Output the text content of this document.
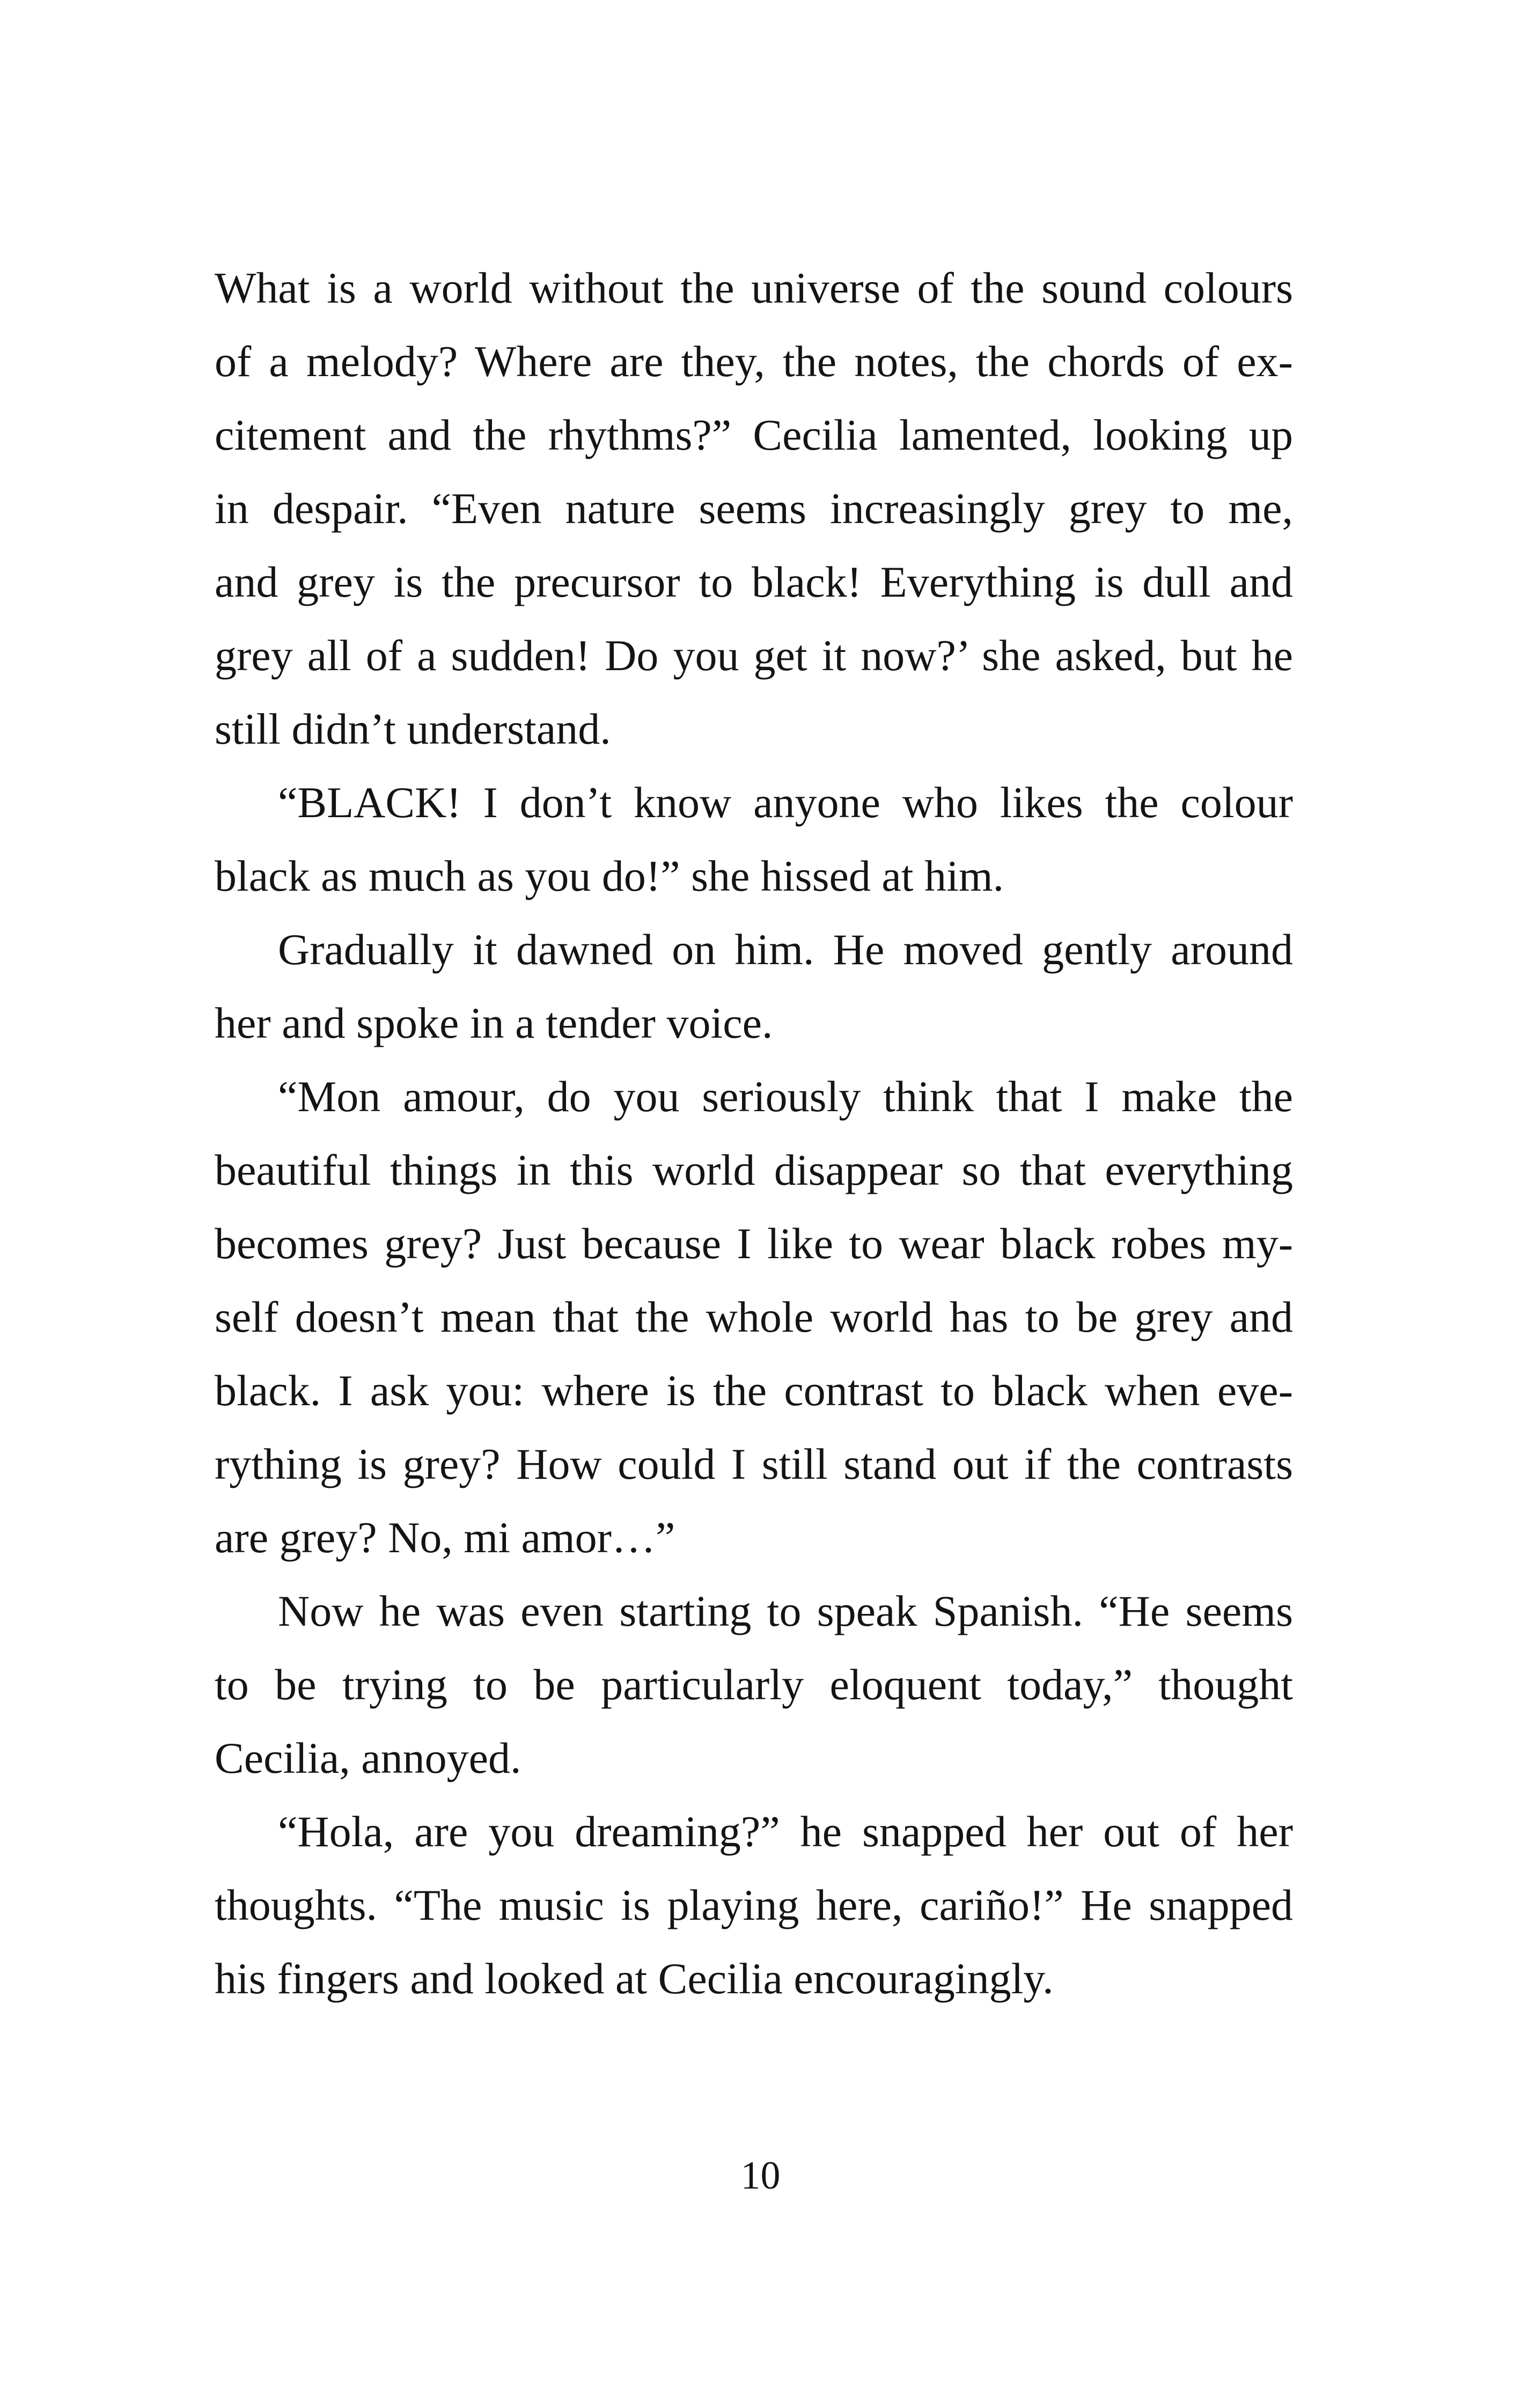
What is a world without the universe of the sound colours
of a melody? Where are they, the notes, the chords of ex-
citement and the rhythms?” Cecilia lamented, looking up
in despair. “Even nature seems increasingly grey to me,
and grey is the precursor to black! Everything is dull and
grey all of a sudden! Do you get it now?’ she asked, but he
still didn’t understand.
“BLACK! I don’t know anyone who likes the colour
black as much as you do!” she hissed at him.
Gradually it dawned on him. He moved gently around
her and spoke in a tender voice.
“Mon amour, do you seriously think that I make the
beautiful things in this world disappear so that everything
becomes grey? Just because I like to wear black robes my-
self doesn’t mean that the whole world has to be grey and
black. I ask you: where is the contrast to black when eve-
rything is grey? How could I still stand out if the contrasts
are grey? No, mi amor…”
Now he was even starting to speak Spanish. “He seems
to be trying to be particularly eloquent today,” thought
Cecilia, annoyed.
“Hola, are you dreaming?” he snapped her out of her
thoughts. “The music is playing here, cariño!” He snapped
his fingers and looked at Cecilia encouragingly.
10
